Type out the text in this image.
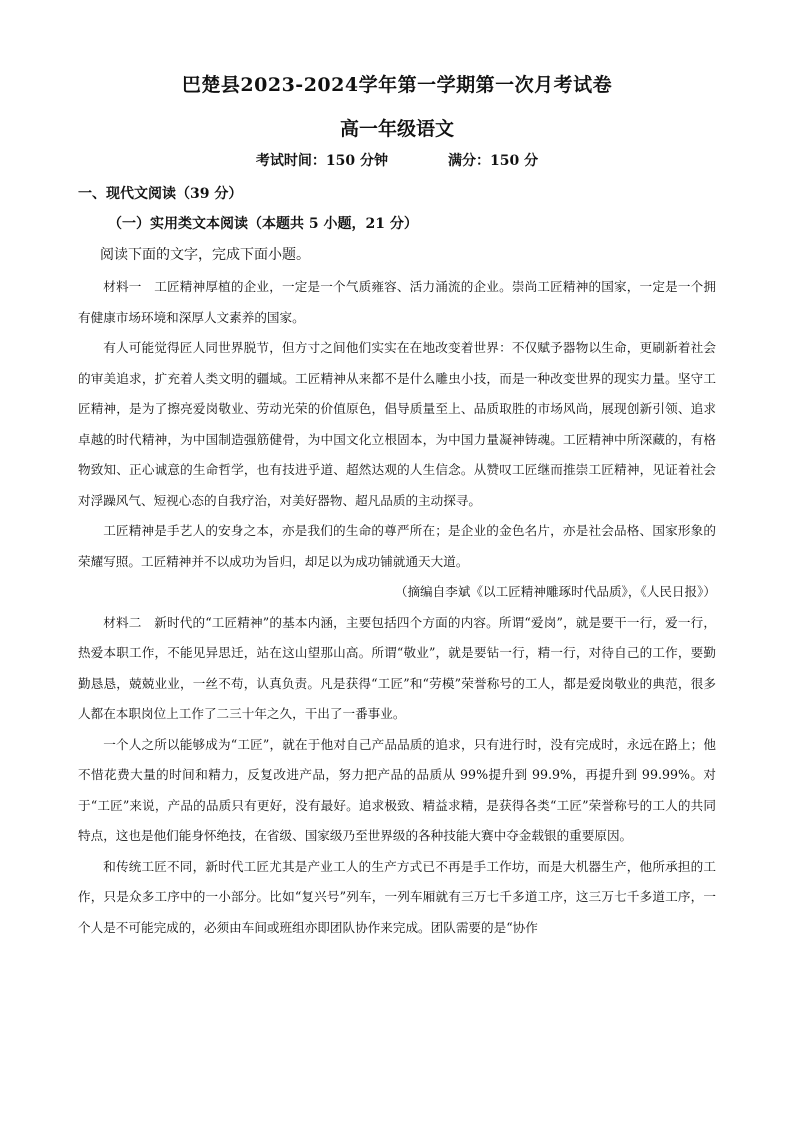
巴楚县2023-2024学年第一学期第一次月考试卷
高一年级语文
考试时间：150 分钟	满分：150 分
一、现代文阅读（39 分）
（一）实用类文本阅读（本题共 5 小题，21 分）
阅读下面的文字，完成下面小题。

材料一　工匠精神厚植的企业，一定是一个气质雍容、活力涌流的企业。崇尚工匠精神的国家，一定是一个拥有健康市场环境和深厚人文素养的国家。

有人可能觉得匠人同世界脱节，但方寸之间他们实实在在地改变着世界：不仅赋予器物以生命，更刷新着社会的审美追求，扩充着人类文明的疆域。工匠精神从来都不是什么雕虫小技，而是一种改变世界的现实力量。坚守工匠精神，是为了擦亮爱岗敬业、劳动光荣的价值原色，倡导质量至上、品质取胜的市场风尚，展现创新引领、追求卓越的时代精神，为中国制造强筋健骨，为中国文化立根固本，为中国力量凝神铸魂。工匠精神中所深藏的，有格物致知、正心诚意的生命哲学，也有技进乎道、超然达观的人生信念。从赞叹工匠继而推崇工匠精神，见证着社会对浮躁风气、短视心态的自我疗治，对美好器物、超凡品质的主动探寻。

工匠精神是手艺人的安身之本，亦是我们的生命的尊严所在；是企业的金色名片，亦是社会品格、国家形象的荣耀写照。工匠精神并不以成功为旨归，却足以为成功铺就通天大道。

（摘编自李斌《以工匠精神雕琢时代品质》，《人民日报》）

材料二　新时代的“工匠精神”的基本内涵，主要包括四个方面的内容。所谓“爱岗”，就是要干一行，爱一行，热爱本职工作，不能见异思迁，站在这山望那山高。所谓“敬业”，就是要钻一行，精一行，对待自己的工作，要勤勤恳恳，兢兢业业，一丝不苟，认真负责。凡是获得“工匠”和“劳模”荣誉称号的工人，都是爱岗敬业的典范，很多人都在本职岗位上工作了二三十年之久，干出了一番事业。

一个人之所以能够成为“工匠”，就在于他对自己产品品质的追求，只有进行时，没有完成时，永远在路上；他不惜花费大量的时间和精力，反复改进产品，努力把产品的品质从 99%提升到 99.9%，再提升到 99.99%。对于“工匠”来说，产品的品质只有更好，没有最好。追求极致、精益求精，是获得各类“工匠”荣誉称号的工人的共同特点，这也是他们能身怀绝技，在省级、国家级乃至世界级的各种技能大赛中夺金载银的重要原因。

和传统工匠不同，新时代工匠尤其是产业工人的生产方式已不再是手工作坊，而是大机器生产，他所承担的工作，只是众多工序中的一小部分。比如“复兴号”列车，一列车厢就有三万七千多道工序，这三万七千多道工序，一个人是不可能完成的，必须由车间或班组亦即团队协作来完成。团队需要的是“协作
